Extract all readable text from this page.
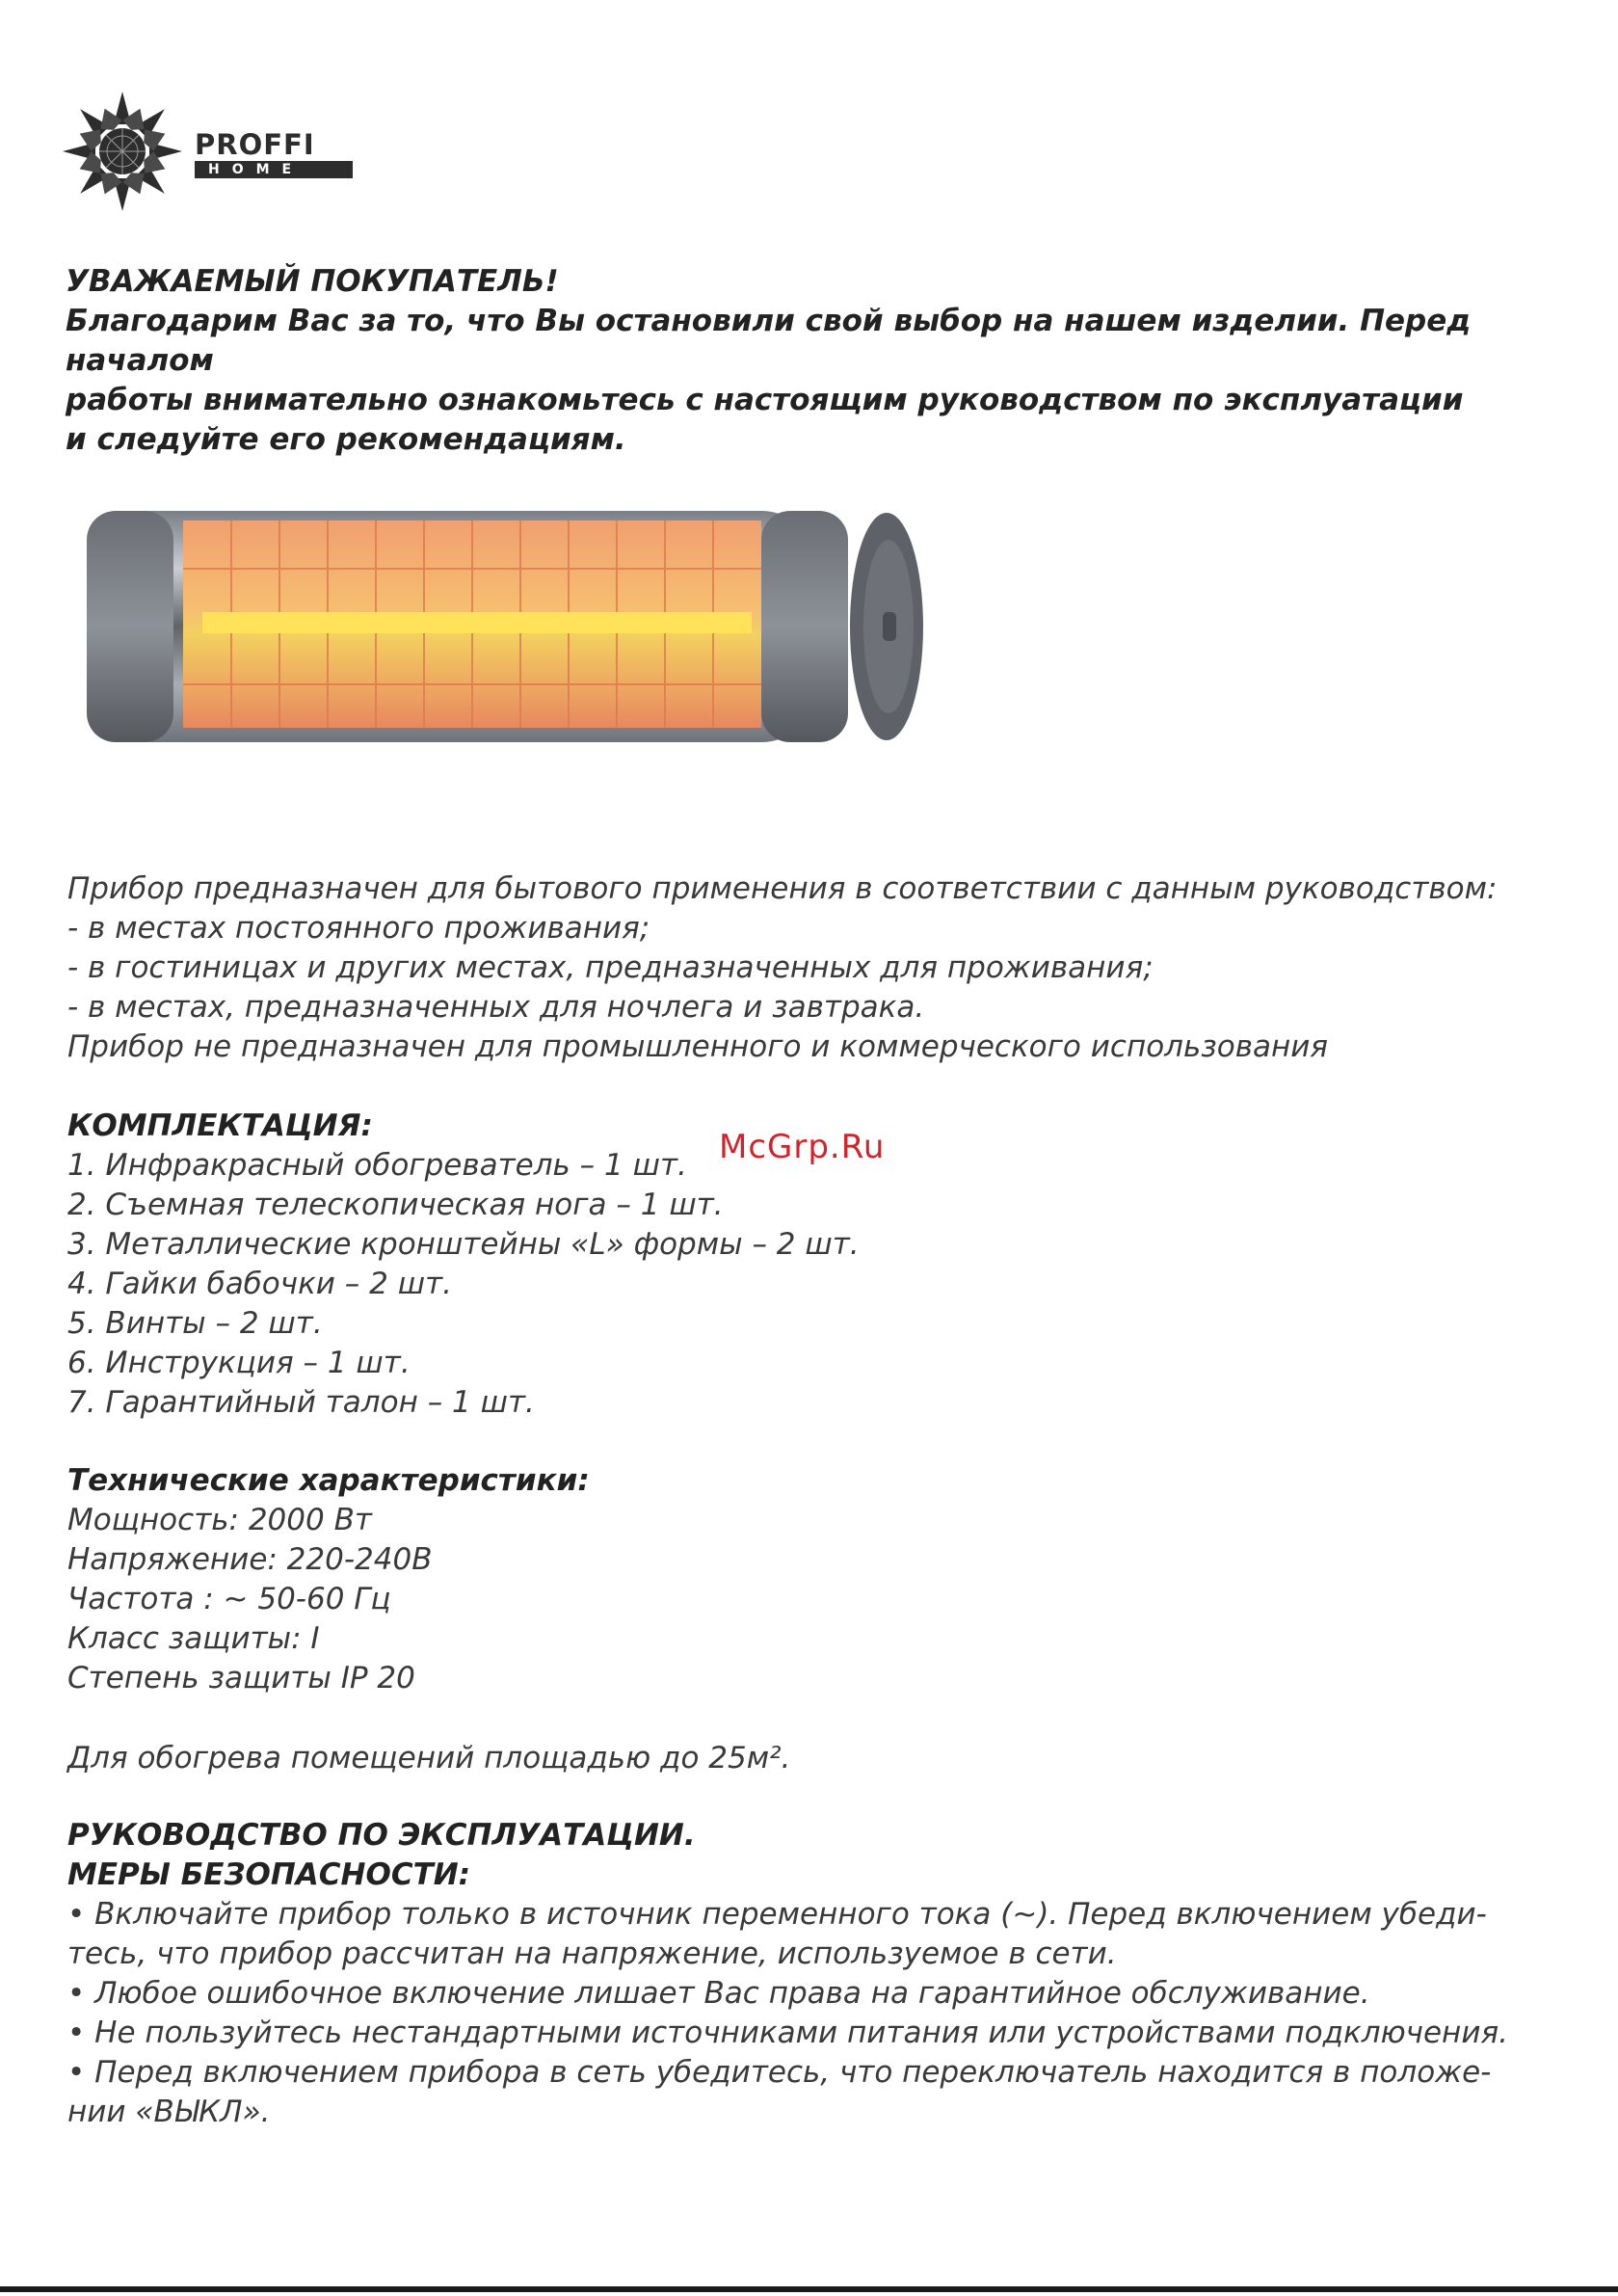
PROFFI
HOME

УВАЖАЕМЫЙ ПОКУПАТЕЛЬ!

Благодарим Вас за то, что Вы остановили свой выбор на нашем изделии. Перед началом

работы внимательно ознакомьтесь с настоящим руководством по эксплуатации

и следуйте его рекомендациям.

Прибор предназначен для бытового применения в соответствии с данным руководством:

- в местах постоянного проживания;

- в гостиницах и других местах, предназначенных для проживания;

- в местах, предназначенных для ночлега и завтрака.

Прибор не предназначен для промышленного и коммерческого использования

КОМПЛЕКТАЦИЯ:

1. Инфракрасный обогреватель – 1 шт.

2. Съемная телескопическая нога – 1 шт.

3. Металлические кронштейны «L» формы – 2 шт.

4. Гайки бабочки – 2 шт.

5. Винты – 2 шт.

6. Инструкция – 1 шт.

7. Гарантийный талон – 1 шт.

McGrp.Ru

Технические характеристики:

Мощность: 2000 Вт

Напряжение: 220-240В

Частота : ~ 50-60 Гц

Класс защиты: I

Степень защиты IP 20

Для обогрева помещений площадью до 25м².

РУКОВОДСТВО ПО ЭКСПЛУАТАЦИИ.

МЕРЫ БЕЗОПАСНОСТИ:

• Включайте прибор только в источник переменного тока (~). Перед включением убеди-

тесь, что прибор рассчитан на напряжение, используемое в сети.

• Любое ошибочное включение лишает Вас права на гарантийное обслуживание.

• Не пользуйтесь нестандартными источниками питания или устройствами подключения.

• Перед включением прибора в сеть убедитесь, что переключатель находится в положе-

нии «ВЫКЛ».
